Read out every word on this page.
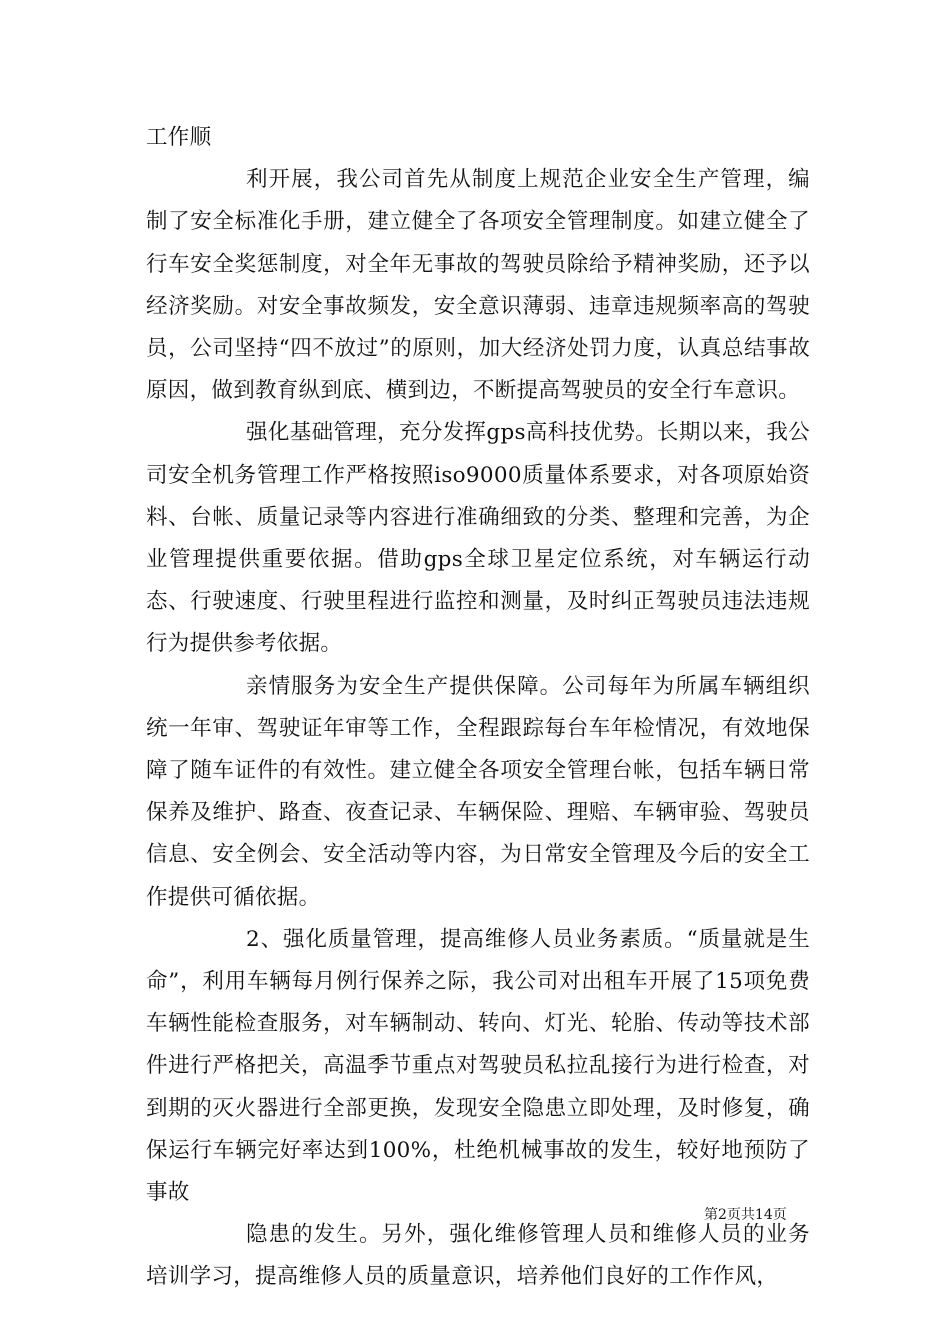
工作顺

利开展，我公司首先从制度上规范企业安全生产管理，编制了安全标准化手册，建立健全了各项安全管理制度。如建立健全了行车安全奖惩制度，对全年无事故的驾驶员除给予精神奖励，还予以经济奖励。对安全事故频发，安全意识薄弱、违章违规频率高的驾驶员，公司坚持“四不放过”的原则，加大经济处罚力度，认真总结事故原因，做到教育纵到底、横到边，不断提高驾驶员的安全行车意识。

强化基础管理，充分发挥gps高科技优势。长期以来，我公司安全机务管理工作严格按照iso9000质量体系要求，对各项原始资料、台帐、质量记录等内容进行准确细致的分类、整理和完善，为企业管理提供重要依据。借助gps全球卫星定位系统，对车辆运行动态、行驶速度、行驶里程进行监控和测量，及时纠正驾驶员违法违规行为提供参考依据。

亲情服务为安全生产提供保障。公司每年为所属车辆组织统一年审、驾驶证年审等工作，全程跟踪每台车年检情况，有效地保障了随车证件的有效性。建立健全各项安全管理台帐，包括车辆日常保养及维护、路查、夜查记录、车辆保险、理赔、车辆审验、驾驶员信息、安全例会、安全活动等内容，为日常安全管理及今后的安全工作提供可循依据。

2、强化质量管理，提高维修人员业务素质。“质量就是生命”，利用车辆每月例行保养之际，我公司对出租车开展了15项免费车辆性能检查服务，对车辆制动、转向、灯光、轮胎、传动等技术部件进行严格把关，高温季节重点对驾驶员私拉乱接行为进行检查，对到期的灭火器进行全部更换，发现安全隐患立即处理，及时修复，确保运行车辆完好率达到100%，杜绝机械事故的发生，较好地预防了事故

隐患的发生。另外，强化维修管理人员和维修人员的业务培训学习，提高维修人员的质量意识，培养他们良好的工作作风，

第2页共14页
